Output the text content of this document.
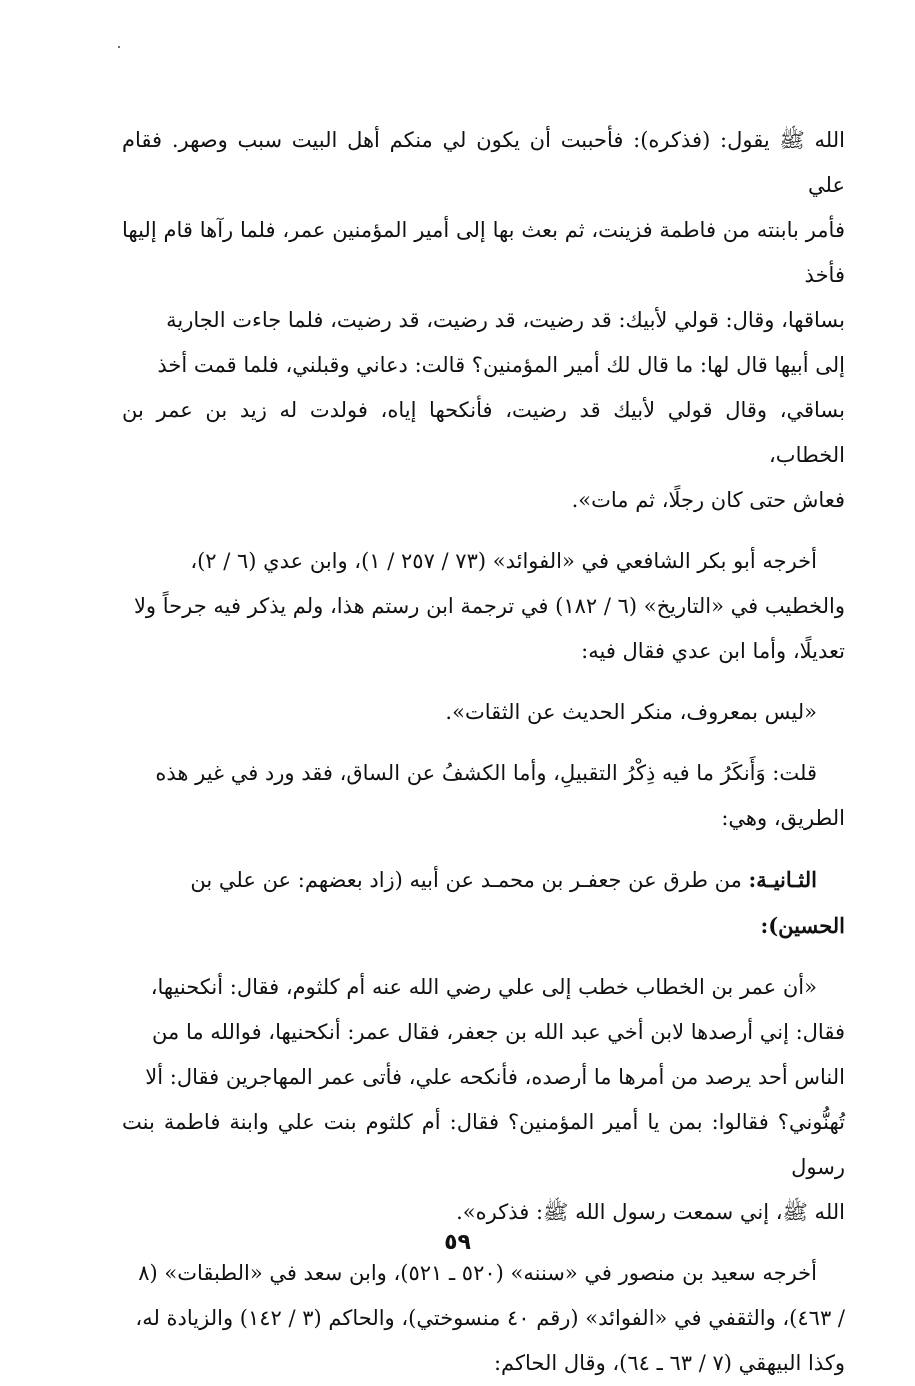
الله ﷺ يقول: (فذكره): فأحببت أن يكون لي منكم أهل البيت سبب وصهر. فقام علي
فأمر بابنته من فاطمة فزينت، ثم بعث بها إلى أمير المؤمنين عمر، فلما رآها قام إليها فأخذ
بساقها، وقال: قولي لأبيك: قد رضيت، قد رضيت، قد رضيت، فلما جاءت الجارية
إلى أبيها قال لها: ما قال لك أمير المؤمنين؟ قالت: دعاني وقبلني، فلما قمت أخذ
بساقي، وقال قولي لأبيك قد رضيت، فأنكحها إياه، فولدت له زيد بن عمر بن الخطاب،
فعاش حتى كان رجلًا، ثم مات».

أخرجه أبو بكر الشافعي في «الفوائد» (٧٣ / ٢٥٧ / ١)، وابن عدي (٦ / ٢)،
والخطيب في «التاريخ» (٦ / ١٨٢) في ترجمة ابن رستم هذا، ولم يذكر فيه جرحاً ولا
تعديلًا، وأما ابن عدي فقال فيه:

«ليس بمعروف، منكر الحديث عن الثقات».

قلت: وَأَنكَرُ ما فيه ذِكْرُ التقبيلِ، وأما الكشفُ عن الساق، فقد ورد في غير هذه
الطريق، وهي:

الثـانيـة: من طرق عن جعفـر بن محمـد عن أبيه (زاد بعضهم: عن علي بن
الحسين):

«أن عمر بن الخطاب خطب إلى علي رضي الله عنه أم كلثوم، فقال: أنكحنيها،
فقال: إني أرصدها لابن أخي عبد الله بن جعفر، فقال عمر: أنكحنيها، فوالله ما من
الناس أحد يرصد من أمرها ما أرصده، فأنكحه علي، فأتى عمر المهاجرين فقال: ألا
تُهنُّوني؟ فقالوا: بمن يا أمير المؤمنين؟ فقال: أم كلثوم بنت علي وابنة فاطمة بنت رسول
الله ﷺ، إني سمعت رسول الله ﷺ: فذكره».

أخرجه سعيد بن منصور في «سننه» (٥٢٠ ـ ٥٢١)، وابن سعد في «الطبقات» (٨
/ ٤٦٣)، والثقفي في «الفوائد» (رقم ٤٠ منسوختي)، والحاكم (٣ / ١٤٢) والزيادة له،
وكذا البيهقي (٧ / ٦٣ ـ ٦٤)، وقال الحاكم:

٥٩
